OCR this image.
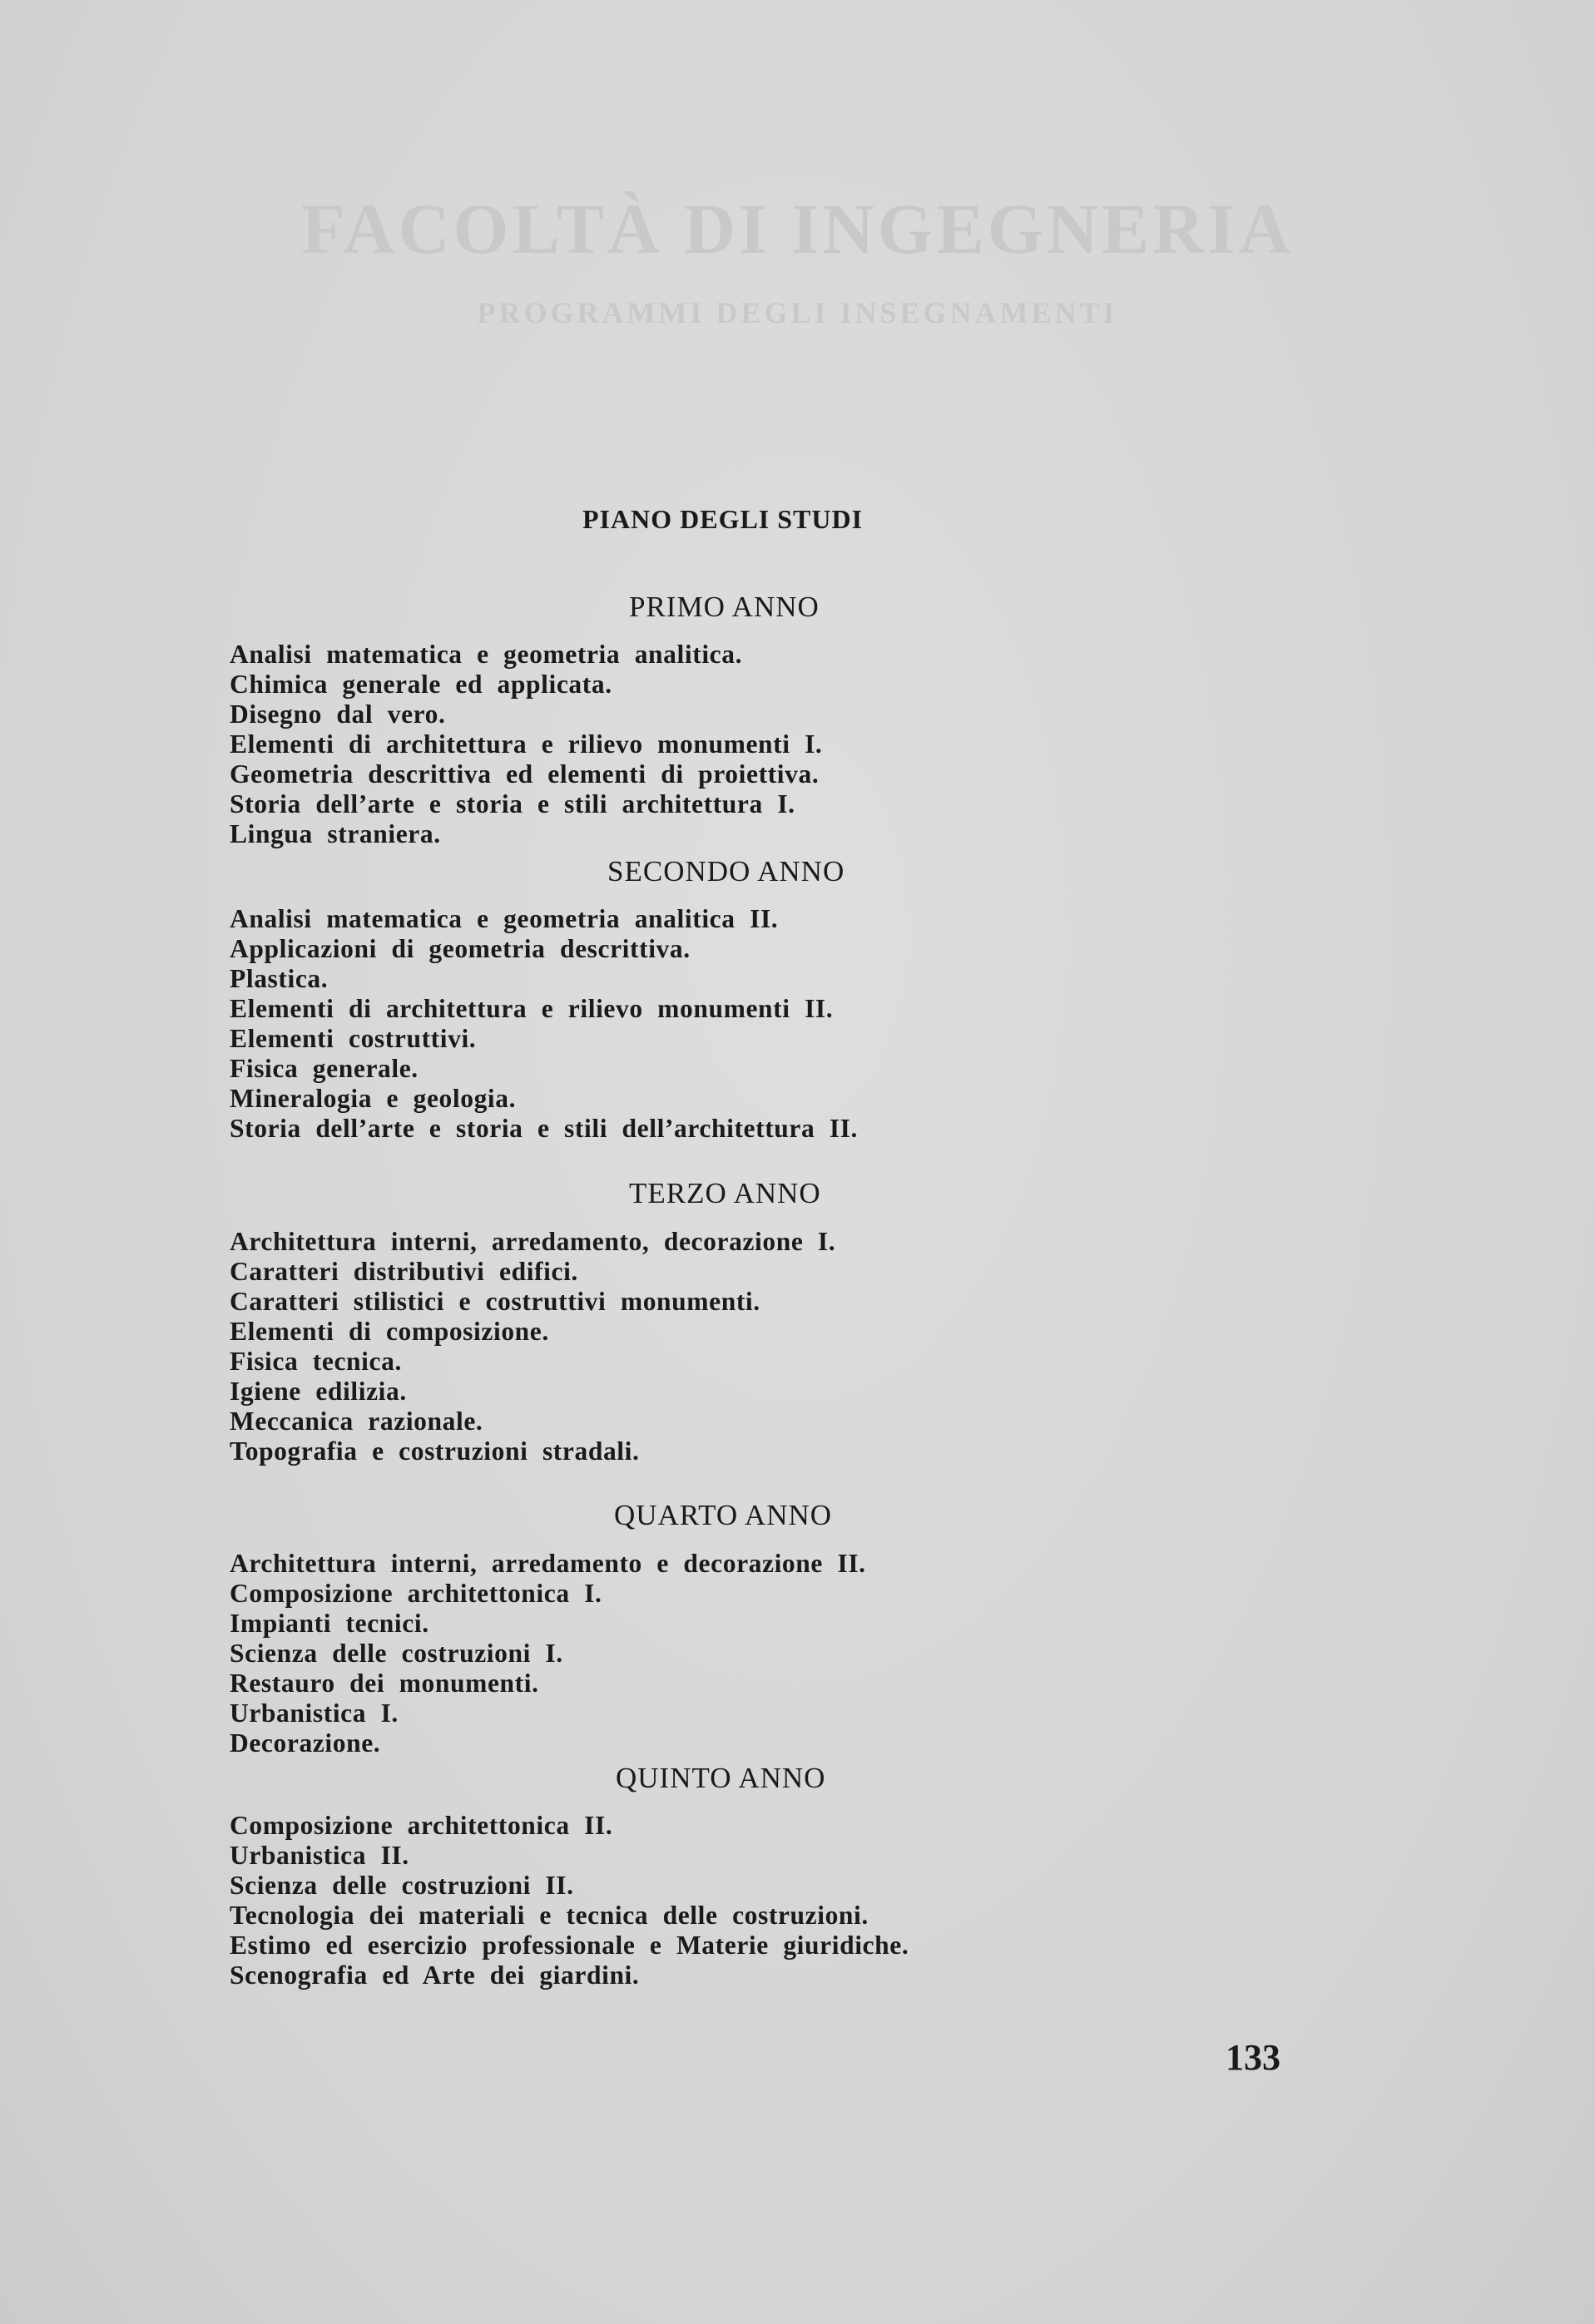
FACOLTÀ DI INGEGNERIA
PROGRAMMI DEGLI INSEGNAMENTI
PIANO DEGLI STUDI
PRIMO ANNO
Analisi matematica e geometria analitica.
Chimica generale ed applicata.
Disegno dal vero.
Elementi di architettura e rilievo monumenti I.
Geometria descrittiva ed elementi di proiettiva.
Storia dell’arte e storia e stili architettura I.
Lingua straniera.
SECONDO ANNO
Analisi matematica e geometria analitica II.
Applicazioni di geometria descrittiva.
Plastica.
Elementi di architettura e rilievo monumenti II.
Elementi costruttivi.
Fisica generale.
Mineralogia e geologia.
Storia dell’arte e storia e stili dell’architettura II.
TERZO ANNO
Architettura interni, arredamento, decorazione I.
Caratteri distributivi edifici.
Caratteri stilistici e costruttivi monumenti.
Elementi di composizione.
Fisica tecnica.
Igiene edilizia.
Meccanica razionale.
Topografia e costruzioni stradali.
QUARTO ANNO
Architettura interni, arredamento e decorazione II.
Composizione architettonica I.
Impianti tecnici.
Scienza delle costruzioni I.
Restauro dei monumenti.
Urbanistica I.
Decorazione.
QUINTO ANNO
Composizione architettonica II.
Urbanistica II.
Scienza delle costruzioni II.
Tecnologia dei materiali e tecnica delle costruzioni.
Estimo ed esercizio professionale e Materie giuridiche.
Scenografia ed Arte dei giardini.
133
